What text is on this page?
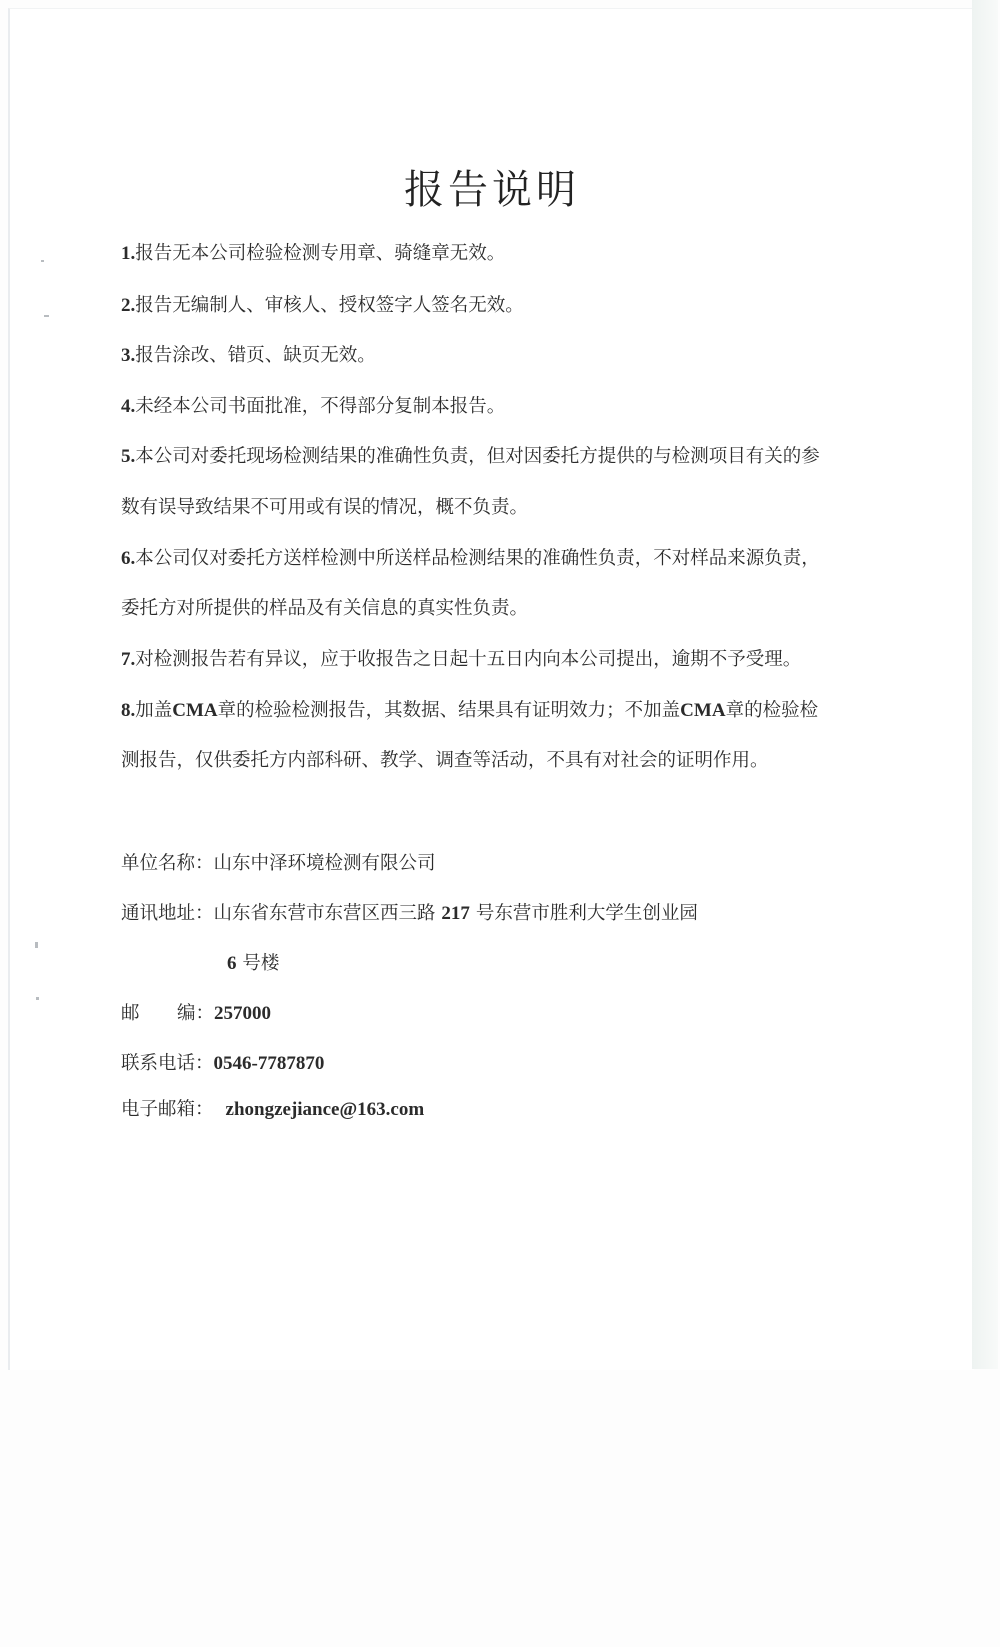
报告说明
1.报告无本公司检验检测专用章、骑缝章无效。
2.报告无编制人、审核人、授权签字人签名无效。
3.报告涂改、错页、缺页无效。
4.未经本公司书面批准，不得部分复制本报告。
5.本公司对委托现场检测结果的准确性负责，但对因委托方提供的与检测项目有关的参
数有误导致结果不可用或有误的情况，概不负责。
6.本公司仅对委托方送样检测中所送样品检测结果的准确性负责，不对样品来源负责，
委托方对所提供的样品及有关信息的真实性负责。
7.对检测报告若有异议，应于收报告之日起十五日内向本公司提出，逾期不予受理。
8.加盖CMA章的检验检测报告，其数据、结果具有证明效力；不加盖CMA章的检验检
测报告，仅供委托方内部科研、教学、调查等活动，不具有对社会的证明作用。
单位名称：山东中泽环境检测有限公司
通讯地址：山东省东营市东营区西三路 217 号东营市胜利大学生创业园
6 号楼
邮 编：257000
联系电话：0546-7787870
电子邮箱： zhongzejiance@163.com
